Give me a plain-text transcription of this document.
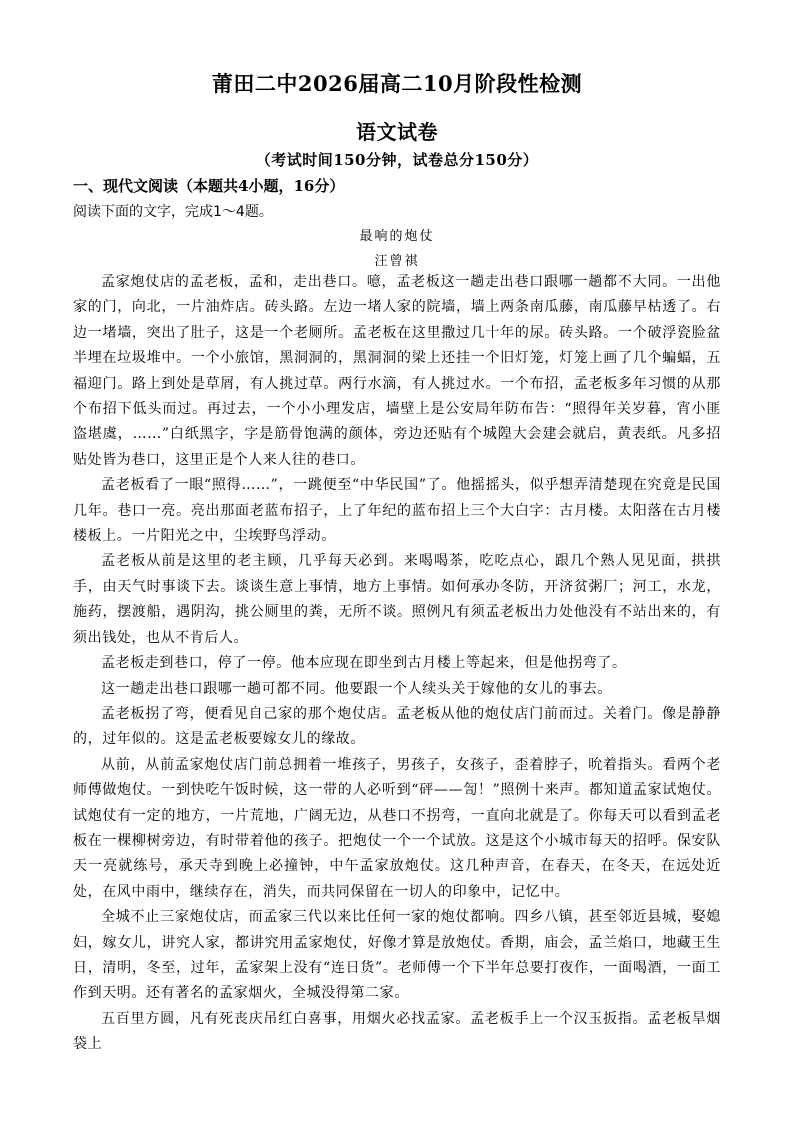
莆田二中2026届高二10月阶段性检测
语文试卷
（考试时间150分钟，试卷总分150分）
一、现代文阅读（本题共4小题，16分）
阅读下面的文字，完成1～4题。
最响的炮仗
汪曾祺

孟家炮仗店的孟老板，孟和，走出巷口。噫，孟老板这一趟走出巷口跟哪一趟都不大同。一出他家的门，向北，一片油炸店。砖头路。左边一堵人家的院墙，墙上两条南瓜藤，南瓜藤早枯透了。右边一堵墙，突出了肚子，这是一个老厕所。孟老板在这里撒过几十年的尿。砖头路。一个破浮瓷脸盆半埋在垃圾堆中。一个小旅馆，黑洞洞的，黑洞洞的梁上还挂一个旧灯笼，灯笼上画了几个蝙蝠，五福迎门。路上到处是草屑，有人挑过草。两行水滴，有人挑过水。一个布招，孟老板多年习惯的从那个布招下低头而过。再过去，一个小小理发店，墙壁上是公安局年防布告：“照得年关岁暮，宵小匪盗堪虞，……”白纸黑字，字是筋骨饱满的颜体，旁边还贴有个城隍大会建会就启，黄表纸。凡多招贴处皆为巷口，这里正是个人来人往的巷口。

孟老板看了一眼“照得……”，一跳便至“中华民国”了。他摇摇头，似乎想弄清楚现在究竟是民国几年。巷口一亮。亮出那面老蓝布招子，上了年纪的蓝布招上三个大白字：古月楼。太阳落在古月楼楼板上。一片阳光之中，尘埃野鸟浮动。

孟老板从前是这里的老主顾，几乎每天必到。来喝喝茶，吃吃点心，跟几个熟人见见面，拱拱手，由天气时事谈下去。谈谈生意上事情，地方上事情。如何承办冬防，开济贫粥厂；河工，水龙，施药，摆渡船，遇阴沟，挑公厕里的粪，无所不谈。照例凡有须孟老板出力处他没有不站出来的，有须出钱处，也从不肯后人。

孟老板走到巷口，停了一停。他本应现在即坐到古月楼上等起来，但是他拐弯了。

这一趟走出巷口跟哪一趟可都不同。他要跟一个人续头关于嫁他的女儿的事去。

孟老板拐了弯，便看见自己家的那个炮仗店。孟老板从他的炮仗店门前而过。关着门。像是静静的，过年似的。这是孟老板要嫁女儿的缘故。

从前，从前孟家炮仗店门前总拥着一堆孩子，男孩子，女孩子，歪着脖子，吮着指头。看两个老师傅做炮仗。一到快吃午饭时候，这一带的人必听到“砰——訇！”照例十来声。都知道孟家试炮仗。试炮仗有一定的地方，一片荒地，广阔无边，从巷口不拐弯，一直向北就是了。你每天可以看到孟老板在一棵柳树旁边，有时带着他的孩子。把炮仗一个一个试放。这是这个小城市每天的招呼。保安队天一亮就练号，承天寺到晚上必撞钟，中午孟家放炮仗。这几种声音，在春天，在冬天，在远处近处，在风中雨中，继续存在，消失，而共同保留在一切人的印象中，记忆中。

全城不止三家炮仗店，而孟家三代以来比任何一家的炮仗都响。四乡八镇，甚至邻近县城，娶媳妇，嫁女儿，讲究人家，都讲究用孟家炮仗，好像才算是放炮仗。香期，庙会，孟兰焰口，地藏王生日，清明，冬至，过年，孟家架上没有“连日货”。老师傅一个下半年总要打夜作，一面喝酒，一面工作到天明。还有著名的孟家烟火，全城没得第二家。

五百里方圆，凡有死丧庆吊红白喜事，用烟火必找孟家。孟老板手上一个汉玉扳指。孟老板旱烟袋上
